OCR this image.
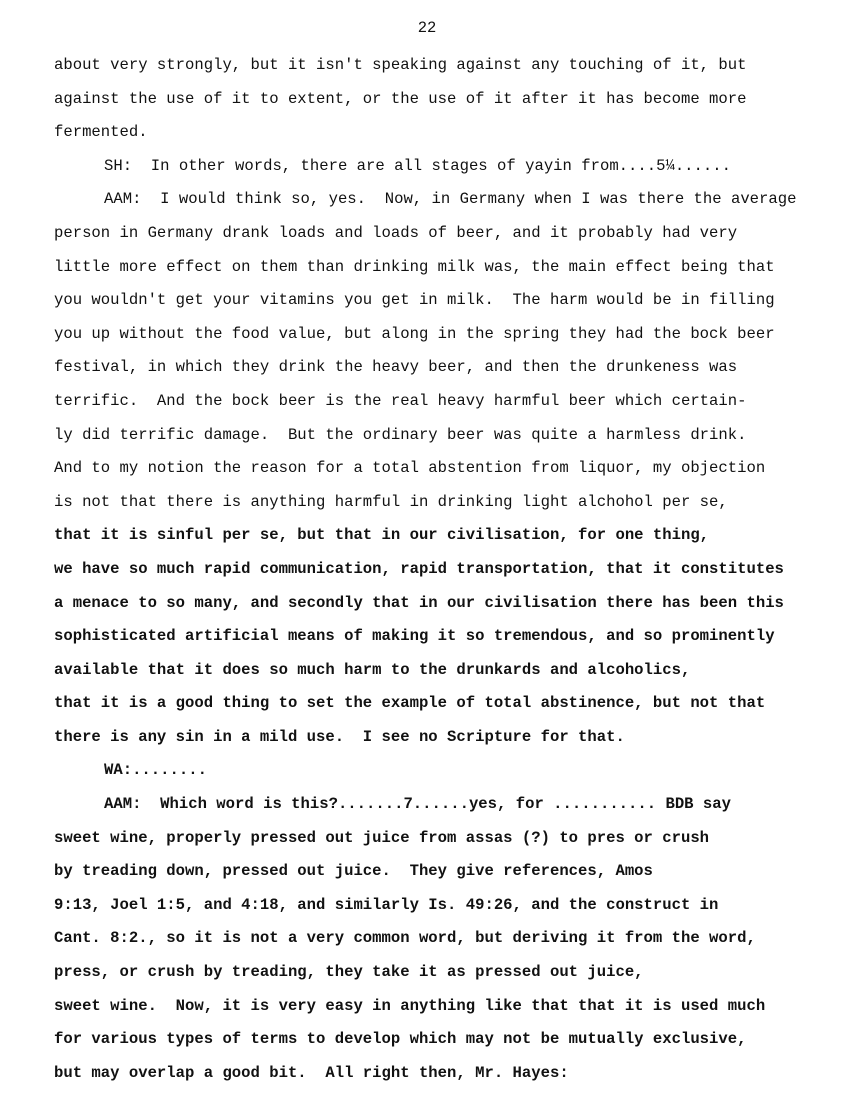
22
about very strongly, but it isn't speaking against any touching of it, but
against the use of it to extent, or the use of it after it has become more
fermented.
SH:  In other words, there are all stages of yayin from....5¼......
AAM:  I would think so, yes.  Now, in Germany when I was there the average
person in Germany drank loads and loads of beer, and it probably had very
little more effect on them than drinking milk was, the main effect being that
you wouldn't get your vitamins you get in milk.  The harm would be in filling
you up without the food value, but along in the spring they had the bock beer
festival, in which they drink the heavy beer, and then the drunkeness was
terrific.  And the bock beer is the real heavy harmful beer which certain-
ly did terrific damage.  But the ordinary beer was quite a harmless drink.
And to my notion the reason for a total abstention from liquor, my objection
is not that there is anything harmful in drinking light alchohol per se,
that it is sinful per se, but that in our civilisation, for one thing,
we have so much rapid communication, rapid transportation, that it constitutes
a menace to so many, and secondly that in our civilisation there has been this
sophisticated artificial means of making it so tremendous, and so prominently
available that it does so much harm to the drunkards and alcoholics,
that it is a good thing to set the example of total abstinence, but not that
there is any sin in a mild use.  I see no Scripture for that.
WA:........
AAM:  Which word is this?.......7......yes, for ........... BDB say
sweet wine, properly pressed out juice from assas (?) to pres or crush
by treading down, pressed out juice.  They give references, Amos
9:13, Joel 1:5, and 4:18, and similarly Is. 49:26, and the construct in
Cant. 8:2., so it is not a very common word, but deriving it from the word,
press, or crush by treading, they take it as pressed out juice,
sweet wine.  Now, it is very easy in anything like that that it is used much
for various types of terms to develop which may not be mutually exclusive,
but may overlap a good bit.  All right then, Mr. Hayes:
